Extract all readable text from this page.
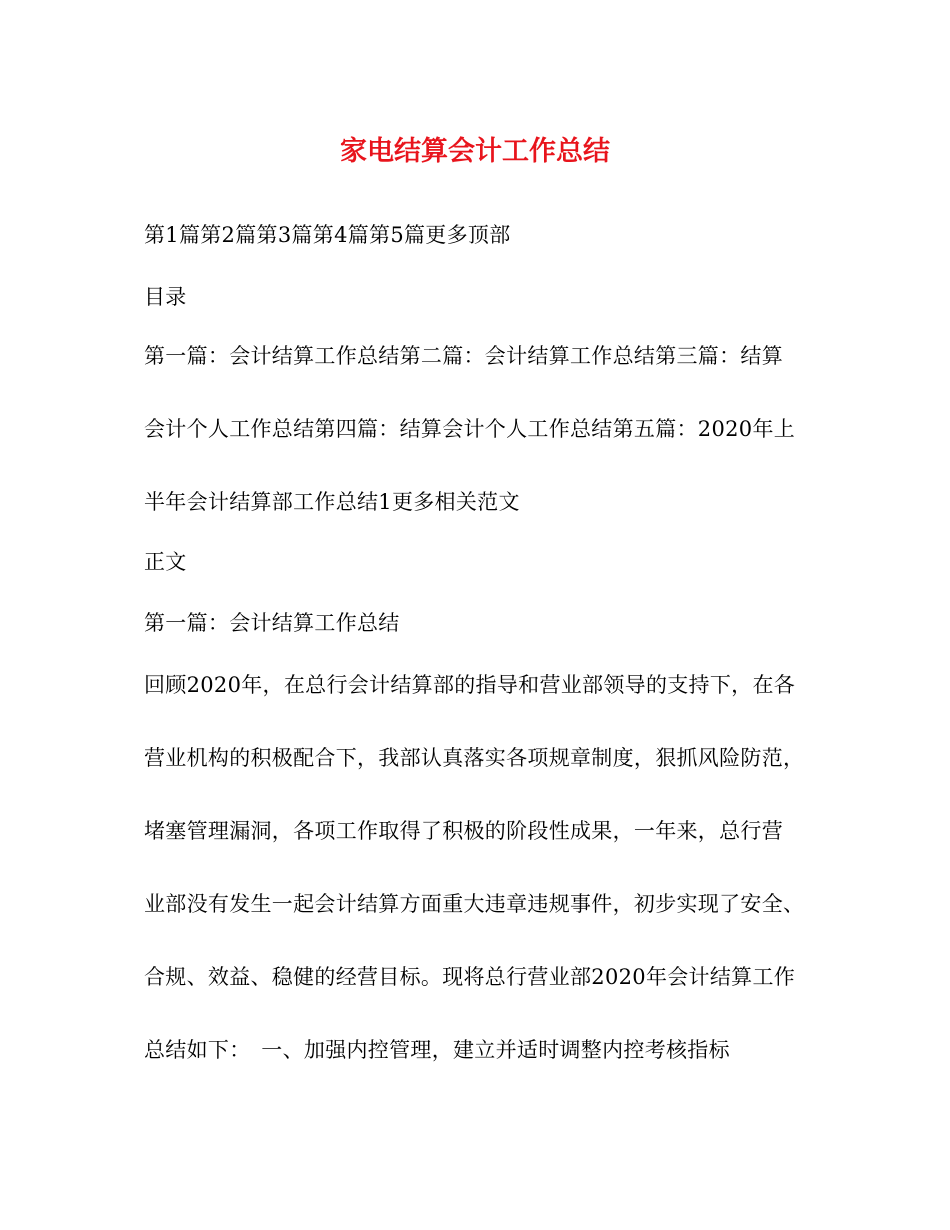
家电结算会计工作总结
第1篇第2篇第3篇第4篇第5篇更多顶部
目录
第一篇：会计结算工作总结第二篇：会计结算工作总结第三篇：结算
会计个人工作总结第四篇：结算会计个人工作总结第五篇：2020年上
半年会计结算部工作总结1更多相关范文
正文
第一篇：会计结算工作总结
回顾2020年，在总行会计结算部的指导和营业部领导的支持下，在各
营业机构的积极配合下，我部认真落实各项规章制度，狠抓风险防范，
堵塞管理漏洞，各项工作取得了积极的阶段性成果，一年来，总行营
业部没有发生一起会计结算方面重大违章违规事件，初步实现了安全、
合规、效益、稳健的经营目标。现将总行营业部2020年会计结算工作
总结如下：　一、加强内控管理，建立并适时调整内控考核指标
